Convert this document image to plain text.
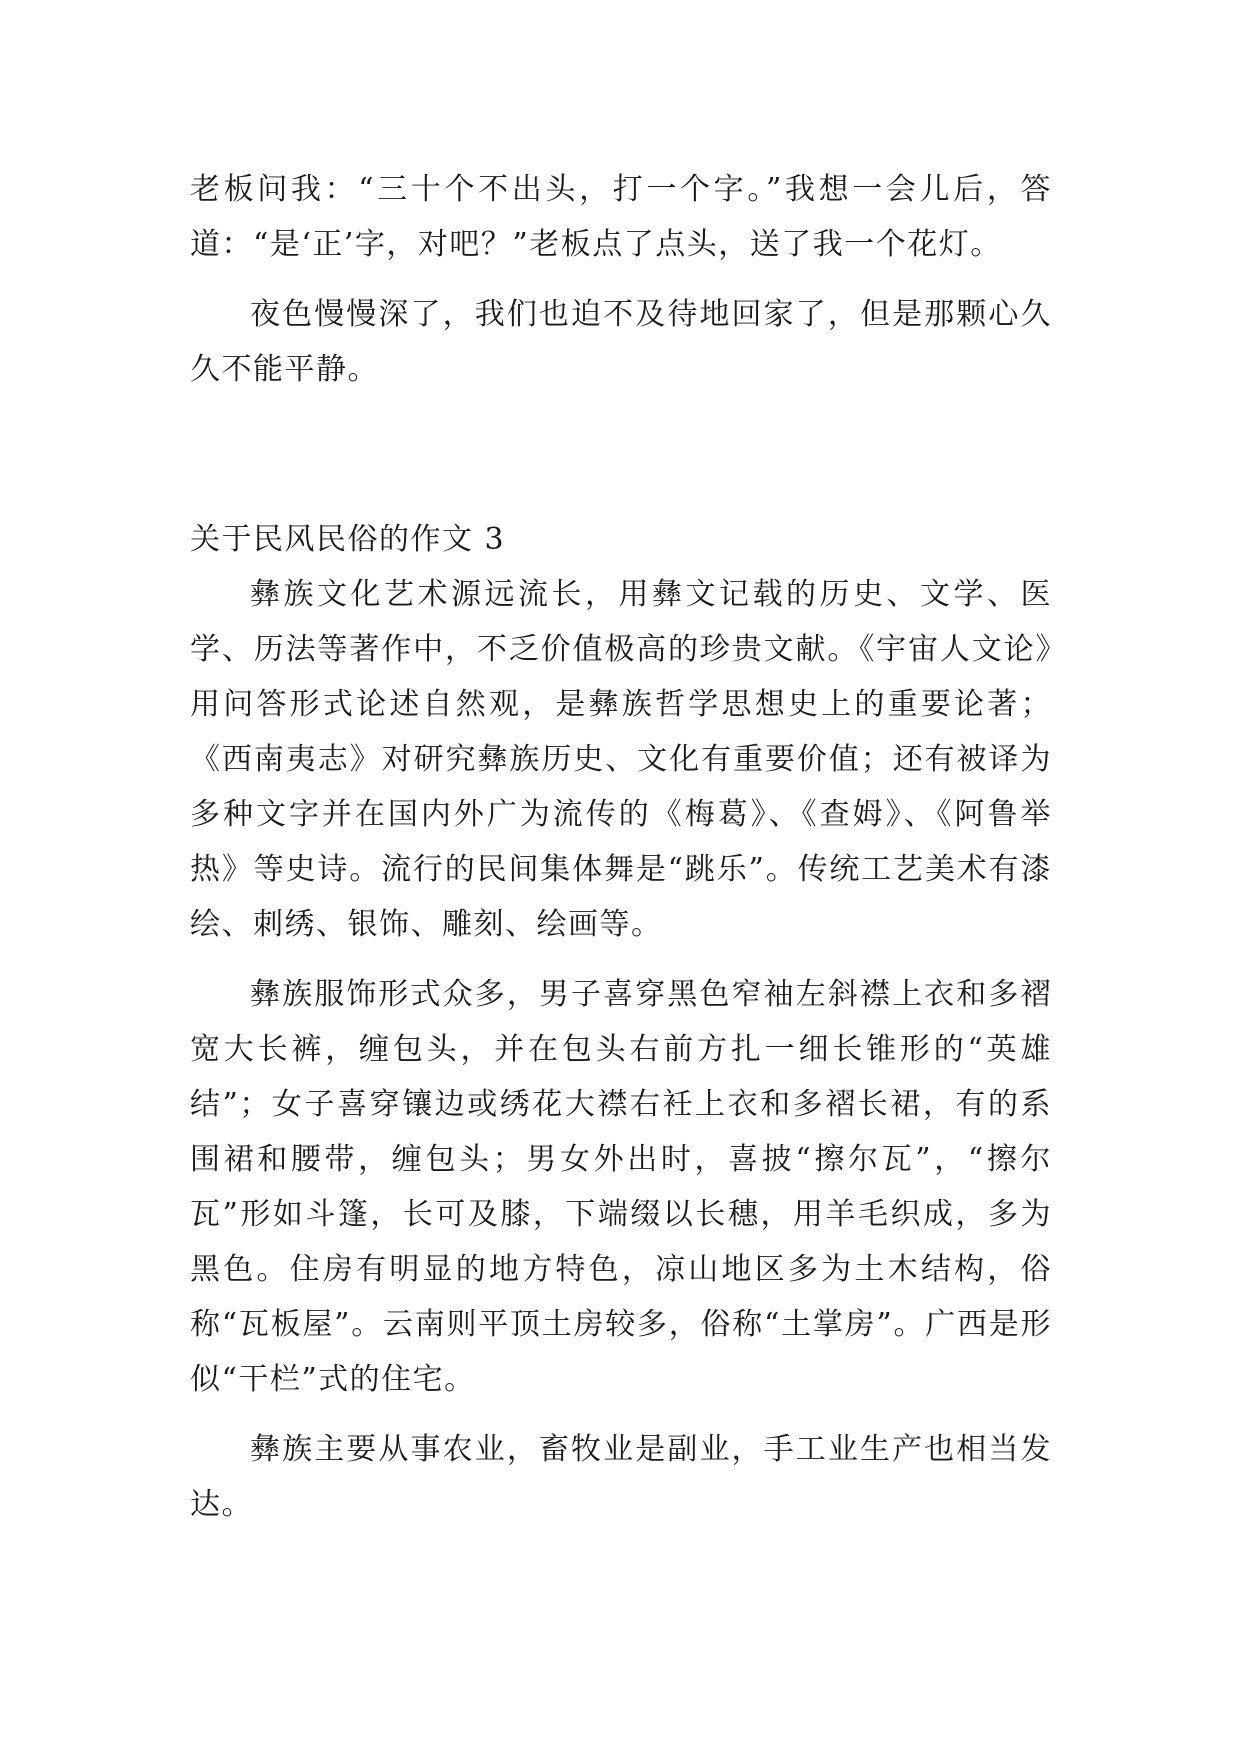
老板问我：“三十个不出头，打一个字。”我想一会儿后，答道：“是‘正’字，对吧？”老板点了点头，送了我一个花灯。

夜色慢慢深了，我们也迫不及待地回家了，但是那颗心久久不能平静。

关于民风民俗的作文 3

彝族文化艺术源远流长，用彝文记载的历史、文学、医学、历法等著作中，不乏价值极高的珍贵文献。《宇宙人文论》用问答形式论述自然观，是彝族哲学思想史上的重要论著；《西南夷志》对研究彝族历史、文化有重要价值；还有被译为多种文字并在国内外广为流传的《梅葛》、《查姆》、《阿鲁举热》等史诗。流行的民间集体舞是“跳乐”。传统工艺美术有漆绘、刺绣、银饰、雕刻、绘画等。

彝族服饰形式众多，男子喜穿黑色窄袖左斜襟上衣和多褶宽大长裤，缠包头，并在包头右前方扎一细长锥形的“英雄结”；女子喜穿镶边或绣花大襟右衽上衣和多褶长裙，有的系围裙和腰带，缠包头；男女外出时，喜披“擦尔瓦”，“擦尔瓦”形如斗篷，长可及膝，下端缀以长穗，用羊毛织成，多为黑色。住房有明显的地方特色，凉山地区多为土木结构，俗称“瓦板屋”。云南则平顶土房较多，俗称“土掌房”。广西是形似“干栏”式的住宅。

彝族主要从事农业，畜牧业是副业，手工业生产也相当发达。
